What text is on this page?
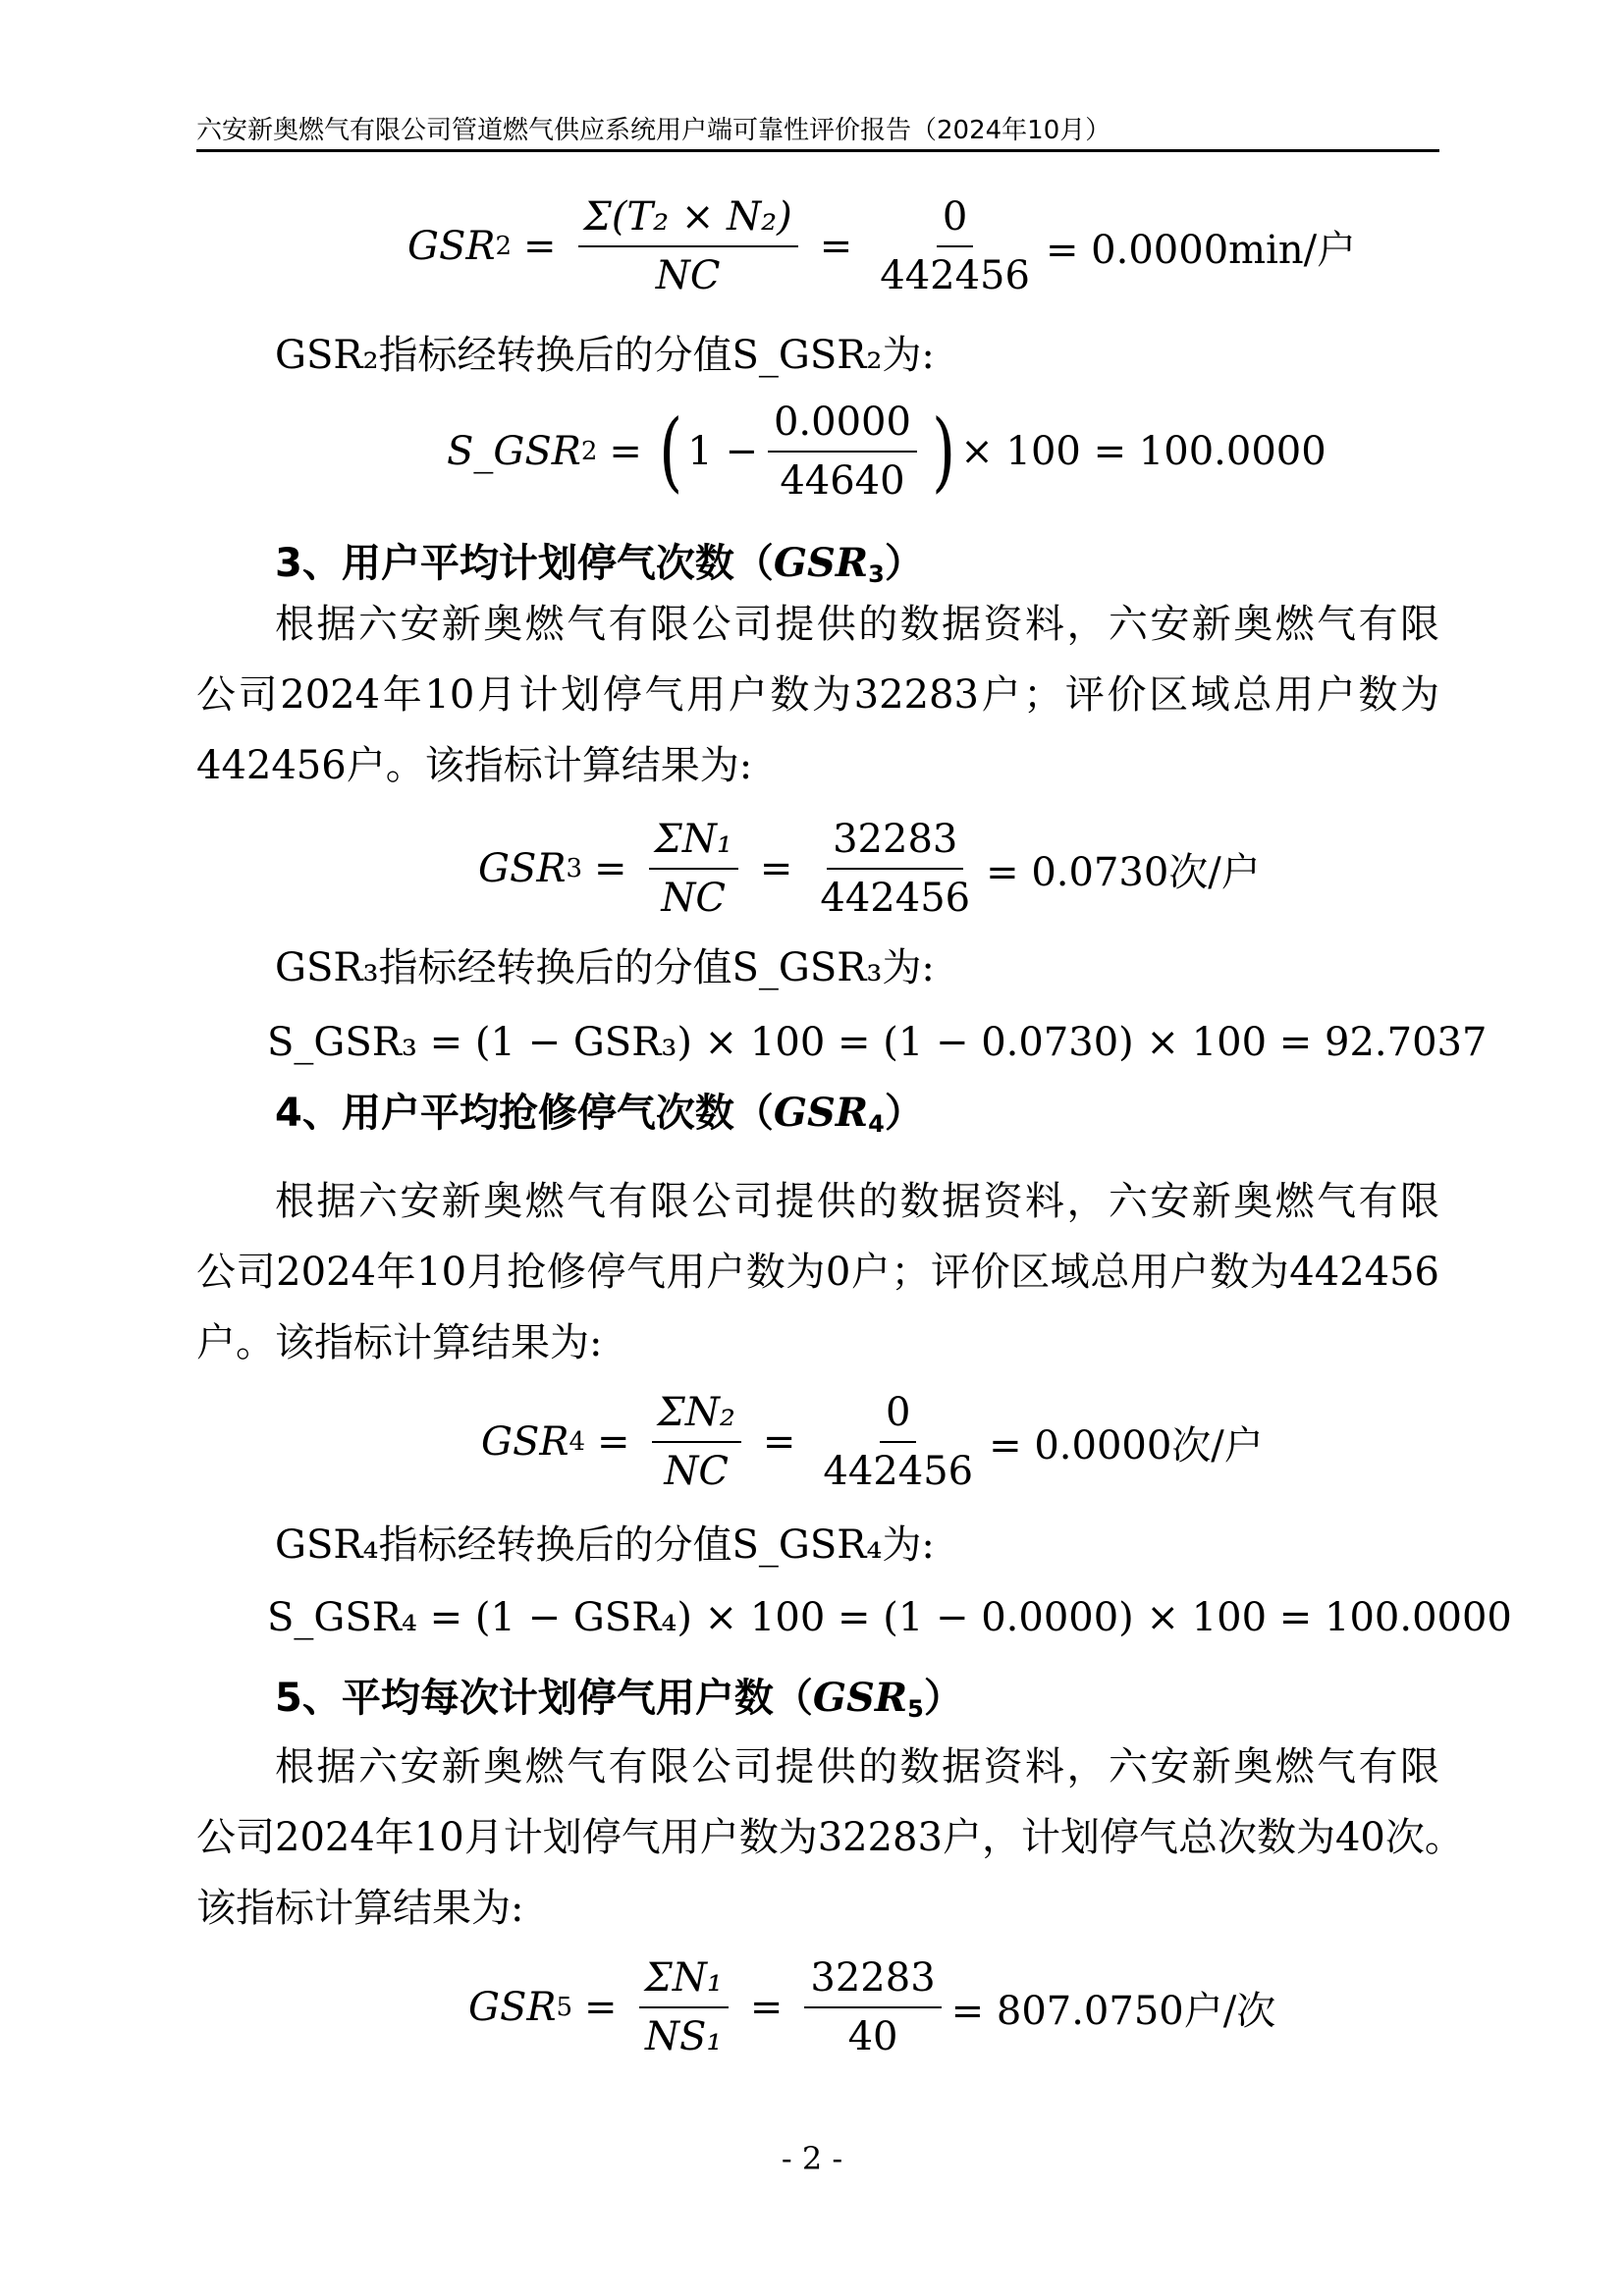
六安新奥燃气有限公司管道燃气供应系统用户端可靠性评价报告（2024年10月）
GSR $2 = \frac{\text{Σ(T₂ × N₂)}}{NC} = \frac{0}{442456} = 0.0000\min/$户
GSR₂指标经转换后的分值S_GSR₂为:
S_GSR 2 = ( $1 - \frac{0.0000}{44640}$ ) × 100 = 100.0000
3、用户平均计划停气次数$(GSR_3)$
根据六安新奥燃气有限公司提供的数据资料，六安新奥燃气有限
公司2024年10月计划停气用户数为32283户；评价区域总用户数为
442456户。该指标计算结果为:
GSR $3 = \frac{\text{ΣN₁}}{NC} = \frac{32283}{442456} = 0.0730$次/户
GSR₃指标经转换后的分值S_GSR₃为:
S_GSR₃ = (1 − GSR₃) × 100 = (1 − 0.0730) × 100 = 92.7037
4、用户平均抢修停气次数$(GSR_4)$
根据六安新奥燃气有限公司提供的数据资料，六安新奥燃气有限
公司2024年10月抢修停气用户数为0户；评价区域总用户数为442456
户。该指标计算结果为:
GSR $4 = \frac{\text{ΣN₂}}{NC} = \frac{0}{442456} = 0.0000$次/户
GSR₄指标经转换后的分值S_GSR₄为:
S_GSR₄ = (1 − GSR₄) × 100 = (1 − 0.0000) × 100 = 100.0000
5、平均每次计划停气用户数$(GSR_5)$
根据六安新奥燃气有限公司提供的数据资料，六安新奥燃气有限
公司2024年10月计划停气用户数为32283户，计划停气总次数为40次。
该指标计算结果为:
GSR $5 = \frac{\text{ΣN₁}}{\text{NS₁}} = \frac{32283}{40} = 807.0750$户/次
- 2 -
